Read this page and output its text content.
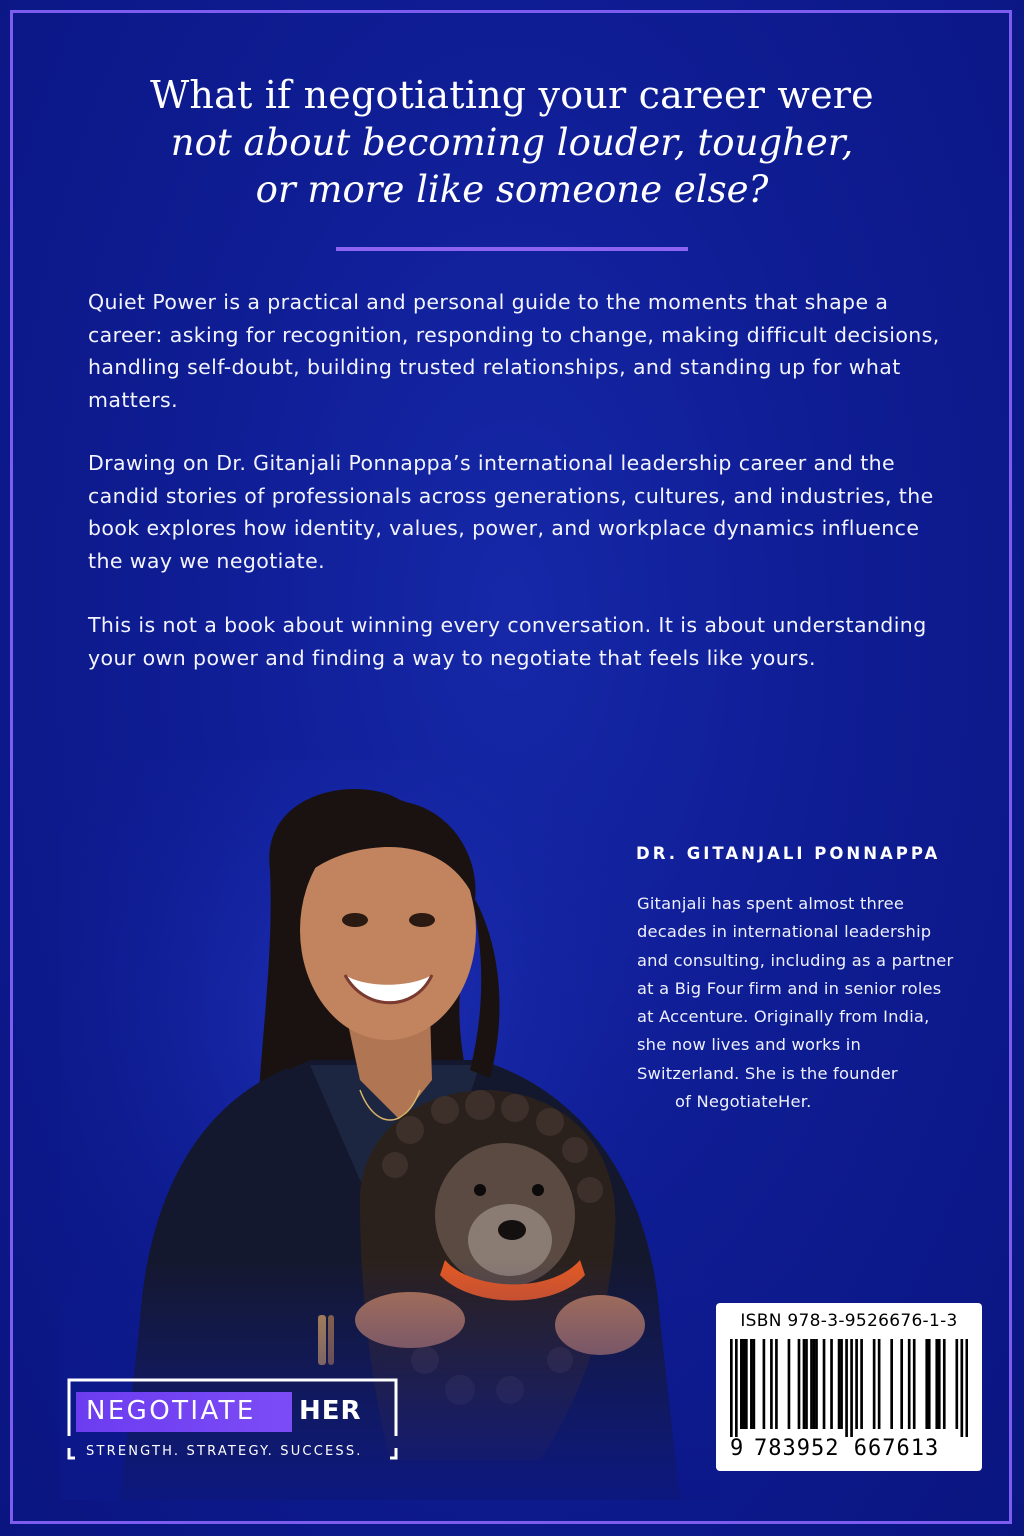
What if negotiating your career were
not about becoming louder, tougher,
or more like someone else?

Quiet Power is a practical and personal guide to the moments that shape a career: asking for recognition, responding to change, making difficult decisions, handling self-doubt, building trusted relationships, and standing up for what matters.

Drawing on Dr. Gitanjali Ponnappa’s international leadership career and the candid stories of professionals across generations, cultures, and industries, the book explores how identity, values, power, and workplace dynamics influence the way we negotiate.

This is not a book about winning every conversation. It is about understanding your own power and finding a way to negotiate that feels like yours.

DR. GITANJALI PONNAPPA
Gitanjali has spent almost three
decades in international leadership
and consulting, including as a partner
at a Big Four firm and in senior roles
at Accenture. Originally from India,
she now lives and works in
Switzerland. She is the founder
of NegotiateHer.
ISBN 978-3-9526676-1-3
9 783952 667613
NEGOTIATE HER
STRENGTH. STRATEGY. SUCCESS.
